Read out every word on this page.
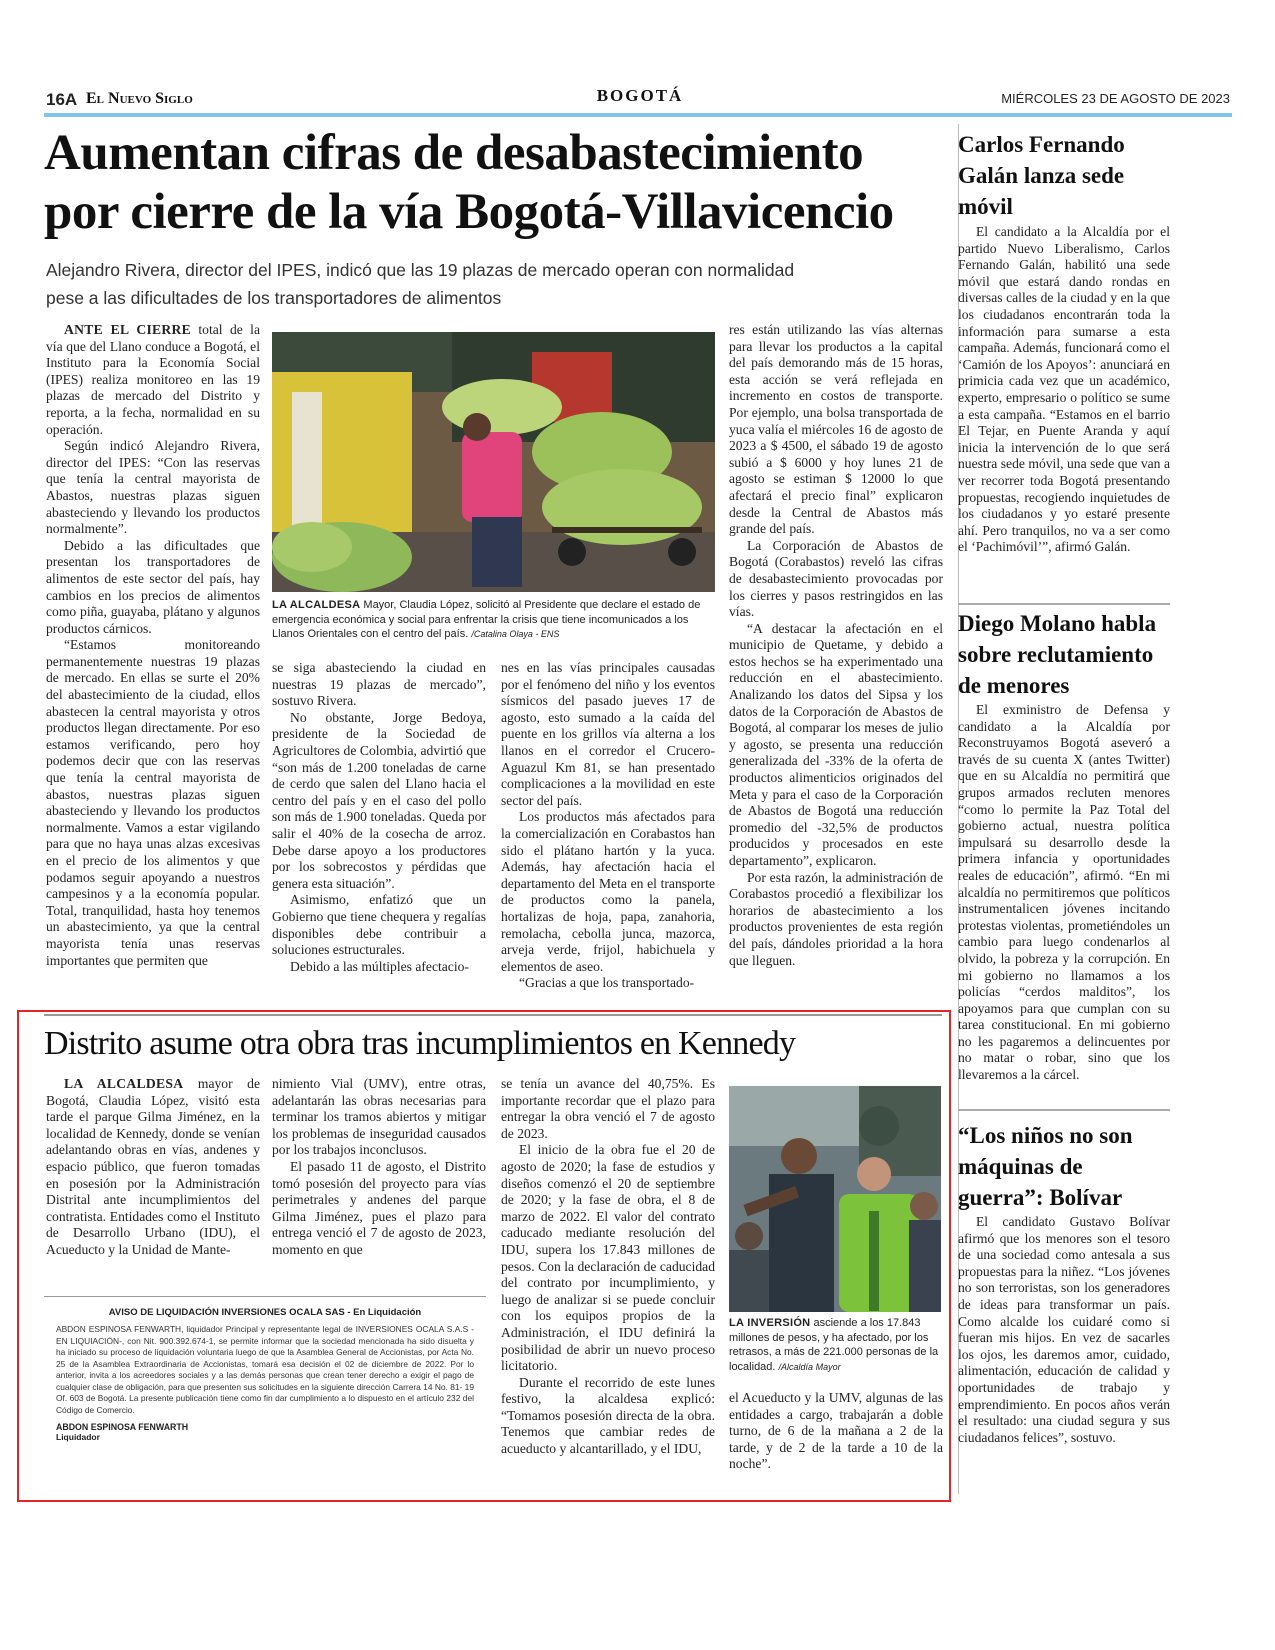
16A El Nuevo Siglo	BOGOTÁ	MIÉRCOLES 23 DE AGOSTO DE 2023
Aumentan cifras de desabastecimiento
por cierre de la vía Bogotá-Villavicencio
Alejandro Rivera, director del IPES, indicó que las 19 plazas de mercado operan con normalidad
pese a las dificultades de los transportadores de alimentos

ANTE EL CIERRE total de la vía que del Llano conduce a Bogotá, el Instituto para la Economía Social (IPES) realiza monitoreo en las 19 plazas de mercado del Distrito y reporta, a la fecha, normalidad en su operación.

Según indicó Alejandro Rivera, director del IPES: “Con las reservas que tenía la central mayorista de Abastos, nuestras plazas siguen abasteciendo y llevando los productos normalmente”.

Debido a las dificultades que presentan los transportadores de alimentos de este sector del país, hay cambios en los precios de alimentos como piña, guayaba, plátano y algunos productos cárnicos.

“Estamos monitoreando permanentemente nuestras 19 plazas de mercado. En ellas se surte el 20% del abastecimiento de la ciudad, ellos abastecen la central mayorista y otros productos llegan directamente. Por eso estamos verificando, pero hoy podemos decir que con las reservas que tenía la central mayorista de abastos, nuestras plazas siguen abasteciendo y llevando los productos normalmente. Vamos a estar vigilando para que no haya unas alzas excesivas en el precio de los alimentos y que podamos seguir apoyando a nuestros campesinos y a la economía popular. Total, tranquilidad, hasta hoy tenemos un abastecimiento, ya que la central mayorista tenía unas reservas importantes que permiten que

LA ALCALDESA Mayor, Claudia López, solicitó al Presidente que declare el estado de emergencia económica y social para enfrentar la crisis que tiene incomunicados a los Llanos Orientales con el centro del país. /Catalina Olaya - ENS

se siga abasteciendo la ciudad en nuestras 19 plazas de mercado”, sostuvo Rivera.

No obstante, Jorge Bedoya, presidente de la Sociedad de Agricultores de Colombia, advirtió que “son más de 1.200 toneladas de carne de cerdo que salen del Llano hacia el centro del país y en el caso del pollo son más de 1.900 toneladas. Queda por salir el 40% de la cosecha de arroz. Debe darse apoyo a los productores por los sobrecostos y pérdidas que genera esta situación”.

Asimismo, enfatizó que un Gobierno que tiene chequera y regalías disponibles debe contribuir a soluciones estructurales.

Debido a las múltiples afectacio-

nes en las vías principales causadas por el fenómeno del niño y los eventos sísmicos del pasado jueves 17 de agosto, esto sumado a la caída del puente en los grillos vía alterna a los llanos en el corredor el Crucero-Aguazul Km 81, se han presentado complicaciones a la movilidad en este sector del país.

Los productos más afectados para la comercialización en Corabastos han sido el plátano hartón y la yuca. Además, hay afectación hacia el departamento del Meta en el transporte de productos como la panela, hortalizas de hoja, papa, zanahoria, remolacha, cebolla junca, mazorca, arveja verde, frijol, habichuela y elementos de aseo.

“Gracias a que los transportado-

res están utilizando las vías alternas para llevar los productos a la capital del país demorando más de 15 horas, esta acción se verá reflejada en incremento en costos de transporte. Por ejemplo, una bolsa transportada de yuca valía el miércoles 16 de agosto de 2023 a $ 4500, el sábado 19 de agosto subió a $ 6000 y hoy lunes 21 de agosto se estiman $ 12000 lo que afectará el precio final” explicaron desde la Central de Abastos más grande del país.

La Corporación de Abastos de Bogotá (Corabastos) reveló las cifras de desabastecimiento provocadas por los cierres y pasos restringidos en las vías.

“A destacar la afectación en el municipio de Quetame, y debido a estos hechos se ha experimentado una reducción en el abastecimiento. Analizando los datos del Sipsa y los datos de la Corporación de Abastos de Bogotá, al comparar los meses de julio y agosto, se presenta una reducción generalizada del -33% de la oferta de productos alimenticios originados del Meta y para el caso de la Corporación de Abastos de Bogotá una reducción promedio del -32,5% de productos producidos y procesados en este departamento”, explicaron.

Por esta razón, la administración de Corabastos procedió a flexibilizar los horarios de abastecimiento a los productos provenientes de esta región del país, dándoles prioridad a la hora que lleguen.

Distrito asume otra obra tras incumplimientos en Kennedy

LA ALCALDESA mayor de Bogotá, Claudia López, visitó esta tarde el parque Gilma Jiménez, en la localidad de Kennedy, donde se venían adelantando obras en vías, andenes y espacio público, que fueron tomadas en posesión por la Administración Distrital ante incumplimientos del contratista. Entidades como el Instituto de Desarrollo Urbano (IDU), el Acueducto y la Unidad de Mante-

nimiento Vial (UMV), entre otras, adelantarán las obras necesarias para terminar los tramos abiertos y mitigar los problemas de inseguridad causados por los trabajos inconclusos.

El pasado 11 de agosto, el Distrito tomó posesión del proyecto para vías perimetrales y andenes del parque Gilma Jiménez, pues el plazo para entrega venció el 7 de agosto de 2023, momento en que

se tenía un avance del 40,75%. Es importante recordar que el plazo para entregar la obra venció el 7 de agosto de 2023.

El inicio de la obra fue el 20 de agosto de 2020; la fase de estudios y diseños comenzó el 20 de septiembre de 2020; y la fase de obra, el 8 de marzo de 2022. El valor del contrato caducado mediante resolución del IDU, supera los 17.843 millones de pesos. Con la declaración de caducidad del contrato por incumplimiento, y luego de analizar si se puede concluir con los equipos propios de la Administración, el IDU definirá la posibilidad de abrir un nuevo proceso licitatorio.

Durante el recorrido de este lunes festivo, la alcaldesa explicó: “Tomamos posesión directa de la obra. Tenemos que cambiar redes de acueducto y alcantarillado, y el IDU,

LA INVERSIÓN asciende a los 17.843 millones de pesos, y ha afectado, por los retrasos, a más de 221.000 personas de la localidad. /Alcaldía Mayor

el Acueducto y la UMV, algunas de las entidades a cargo, trabajarán a doble turno, de 6 de la mañana a 2 de la tarde, y de 2 de la tarde a 10 de la noche”.

AVISO DE LIQUIDACIÓN INVERSIONES OCALA SAS - En Liquidación
ABDON ESPINOSA FENWARTH, liquidador Principal y representante legal de INVERSIONES OCALA S.A.S - EN LIQUIACIÓN-, con Nit. 900.392.674-1, se permite informar que la sociedad mencionada ha sido disuelta y ha iniciado su proceso de liquidación voluntaria luego de que la Asamblea General de Accionistas, por Acta No. 25 de la Asamblea Extraordinaria de Accionistas, tomará esa decisión el 02 de diciembre de 2022. Por lo anterior, invita a los acreedores sociales y a las demás personas que crean tener derecho a exigir el pago de cualquier clase de obligación, para que presenten sus solicitudes en la siguiente dirección Carrera 14 No. 81- 19 Of. 603 de Bogotá. La presente publicación tiene como fin dar cumplimiento a lo dispuesto en el artículo 232 del Código de Comercio.
ABDON ESPINOSA FENWARTH
Liquidador
Carlos Fernando Galán lanza sede móvil

El candidato a la Alcaldía por el partido Nuevo Liberalismo, Carlos Fernando Galán, habilitó una sede móvil que estará dando rondas en diversas calles de la ciudad y en la que los ciudadanos encontrarán toda la información para sumarse a esta campaña. Además, funcionará como el ‘Camión de los Apoyos’: anunciará en primicia cada vez que un académico, experto, empresario o político se sume a esta campaña. “Estamos en el barrio El Tejar, en Puente Aranda y aquí inicia la intervención de lo que será nuestra sede móvil, una sede que van a ver recorrer toda Bogotá presentando propuestas, recogiendo inquietudes de los ciudadanos y yo estaré presente ahí. Pero tranquilos, no va a ser como el ‘Pachimóvil’”, afirmó Galán.

Diego Molano habla sobre reclutamiento de menores

El exministro de Defensa y candidato a la Alcaldía por Reconstruyamos Bogotá aseveró a través de su cuenta X (antes Twitter) que en su Alcaldía no permitirá que grupos armados recluten menores “como lo permite la Paz Total del gobierno actual, nuestra política impulsará su desarrollo desde la primera infancia y oportunidades reales de educación”, afirmó. “En mi alcaldía no permitiremos que políticos instrumentalicen jóvenes incitando protestas violentas, prometiéndoles un cambio para luego condenarlos al olvido, la pobreza y la corrupción. En mi gobierno no llamamos a los policías “cerdos malditos”, los apoyamos para que cumplan con su tarea constitucional. En mi gobierno no les pagaremos a delincuentes por no matar o robar, sino que los llevaremos a la cárcel.

“Los niños no son máquinas de guerra”: Bolívar

El candidato Gustavo Bolívar afirmó que los menores son el tesoro de una sociedad como antesala a sus propuestas para la niñez. “Los jóvenes no son terroristas, son los generadores de ideas para transformar un país. Como alcalde los cuidaré como si fueran mis hijos. En vez de sacarles los ojos, les daremos amor, cuidado, alimentación, educación de calidad y oportunidades de trabajo y emprendimiento. En pocos años verán el resultado: una ciudad segura y sus ciudadanos felices”, sostuvo.
